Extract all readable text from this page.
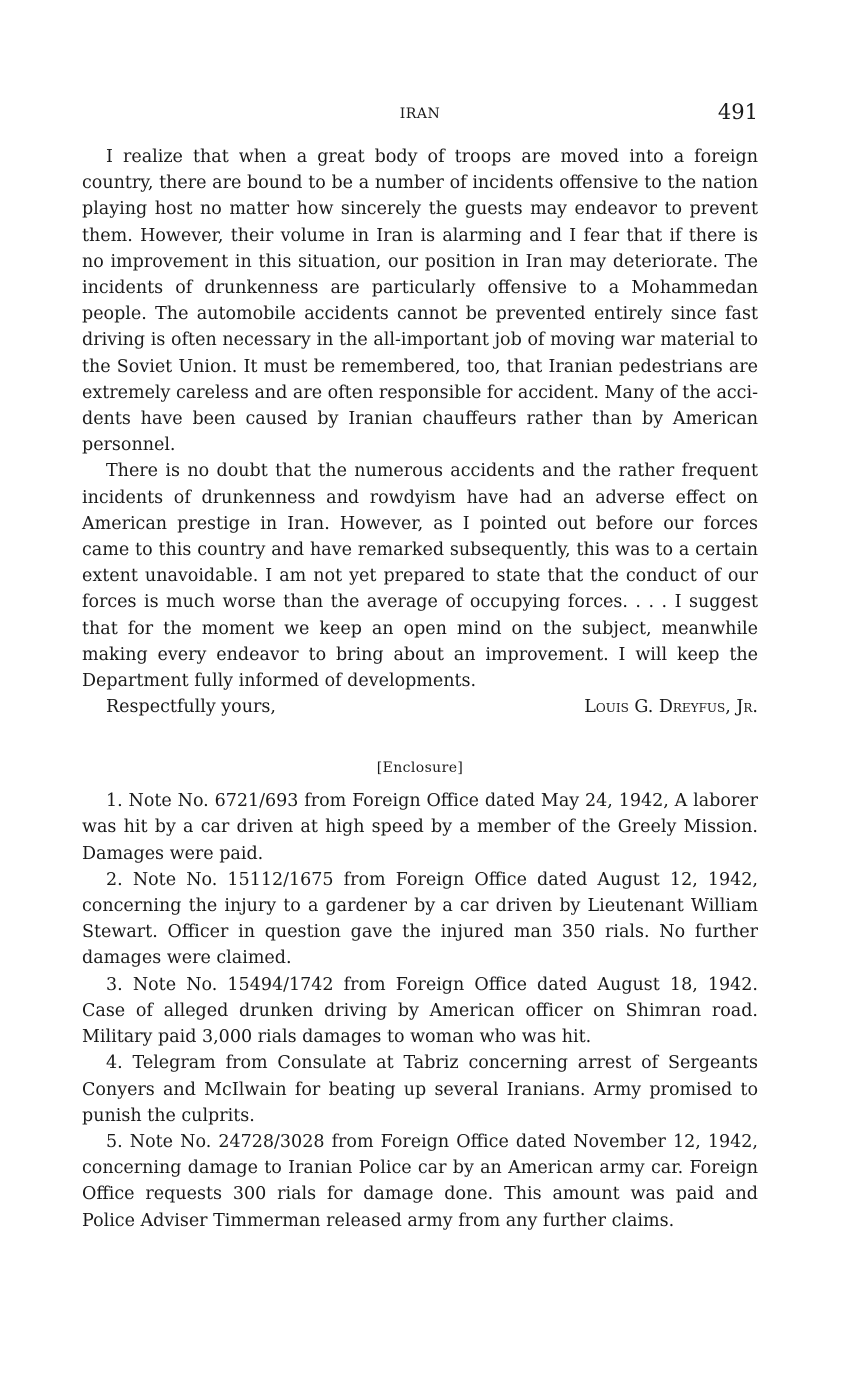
IRAN	491

I realize that when a great body of troops are moved into a foreign country, there are bound to be a number of incidents offensive to the nation playing host no matter how sincerely the guests may endeavor to prevent them. However, their volume in Iran is alarming and I fear that if there is no improvement in this situation, our position in Iran may deteriorate. The incidents of drunkenness are particularly offensive to a Mohammedan people. The automobile accidents cannot be prevented entirely since fast driving is often necessary in the all-important job of moving war material to the Soviet Union. It must be remembered, too, that Iranian pedestrians are extremely careless and are often responsible for accident. Many of the accidents have been caused by Iranian chauffeurs rather than by American personnel.

There is no doubt that the numerous accidents and the rather frequent incidents of drunkenness and rowdyism have had an adverse effect on American prestige in Iran. However, as I pointed out before our forces came to this country and have remarked subsequently, this was to a certain extent unavoidable. I am not yet prepared to state that the conduct of our forces is much worse than the average of occupying forces. . . . I suggest that for the moment we keep an open mind on the subject, meanwhile making every endeavor to bring about an improvement. I will keep the Department fully informed of developments.

Respectfully yours,	Louis G. Dreyfus, Jr.
[Enclosure]

1. Note No. 6721/693 from Foreign Office dated May 24, 1942, A laborer was hit by a car driven at high speed by a member of the Greely Mission. Damages were paid.

2. Note No. 15112/1675 from Foreign Office dated August 12, 1942, concerning the injury to a gardener by a car driven by Lieutenant William Stewart. Officer in question gave the injured man 350 rials. No further damages were claimed.

3. Note No. 15494/1742 from Foreign Office dated August 18, 1942. Case of alleged drunken driving by American officer on Shimran road. Military paid 3,000 rials damages to woman who was hit.

4. Telegram from Consulate at Tabriz concerning arrest of Sergeants Conyers and McIlwain for beating up several Iranians. Army promised to punish the culprits.

5. Note No. 24728/3028 from Foreign Office dated November 12, 1942, concerning damage to Iranian Police car by an American army car. Foreign Office requests 300 rials for damage done. This amount was paid and Police Adviser Timmerman released army from any further claims.
